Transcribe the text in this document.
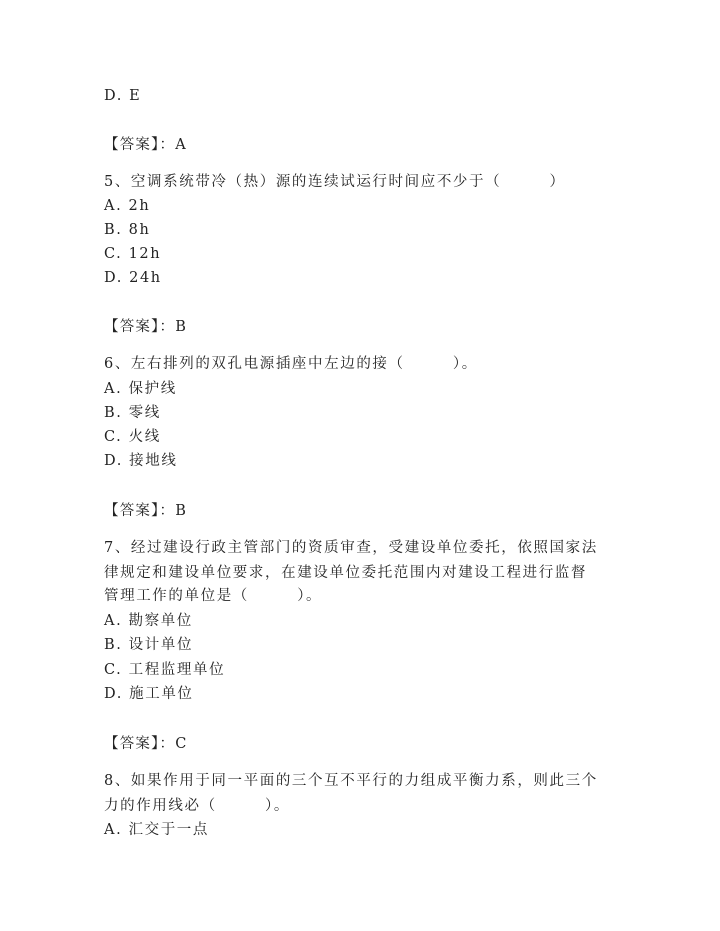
D. E
【答案】：A
5、空调系统带冷（热）源的连续试运行时间应不少于（　　　）
A. 2h
B. 8h
C. 12h
D. 24h
【答案】：B
6、左右排列的双孔电源插座中左边的接（　　　）。
A. 保护线
B. 零线
C. 火线
D. 接地线
【答案】：B
7、经过建设行政主管部门的资质审查，受建设单位委托，依照国家法
律规定和建设单位要求，在建设单位委托范围内对建设工程进行监督
管理工作的单位是（　　　）。
A. 勘察单位
B. 设计单位
C. 工程监理单位
D. 施工单位
【答案】：C
8、如果作用于同一平面的三个互不平行的力组成平衡力系，则此三个
力的作用线必（　　　）。
A. 汇交于一点
